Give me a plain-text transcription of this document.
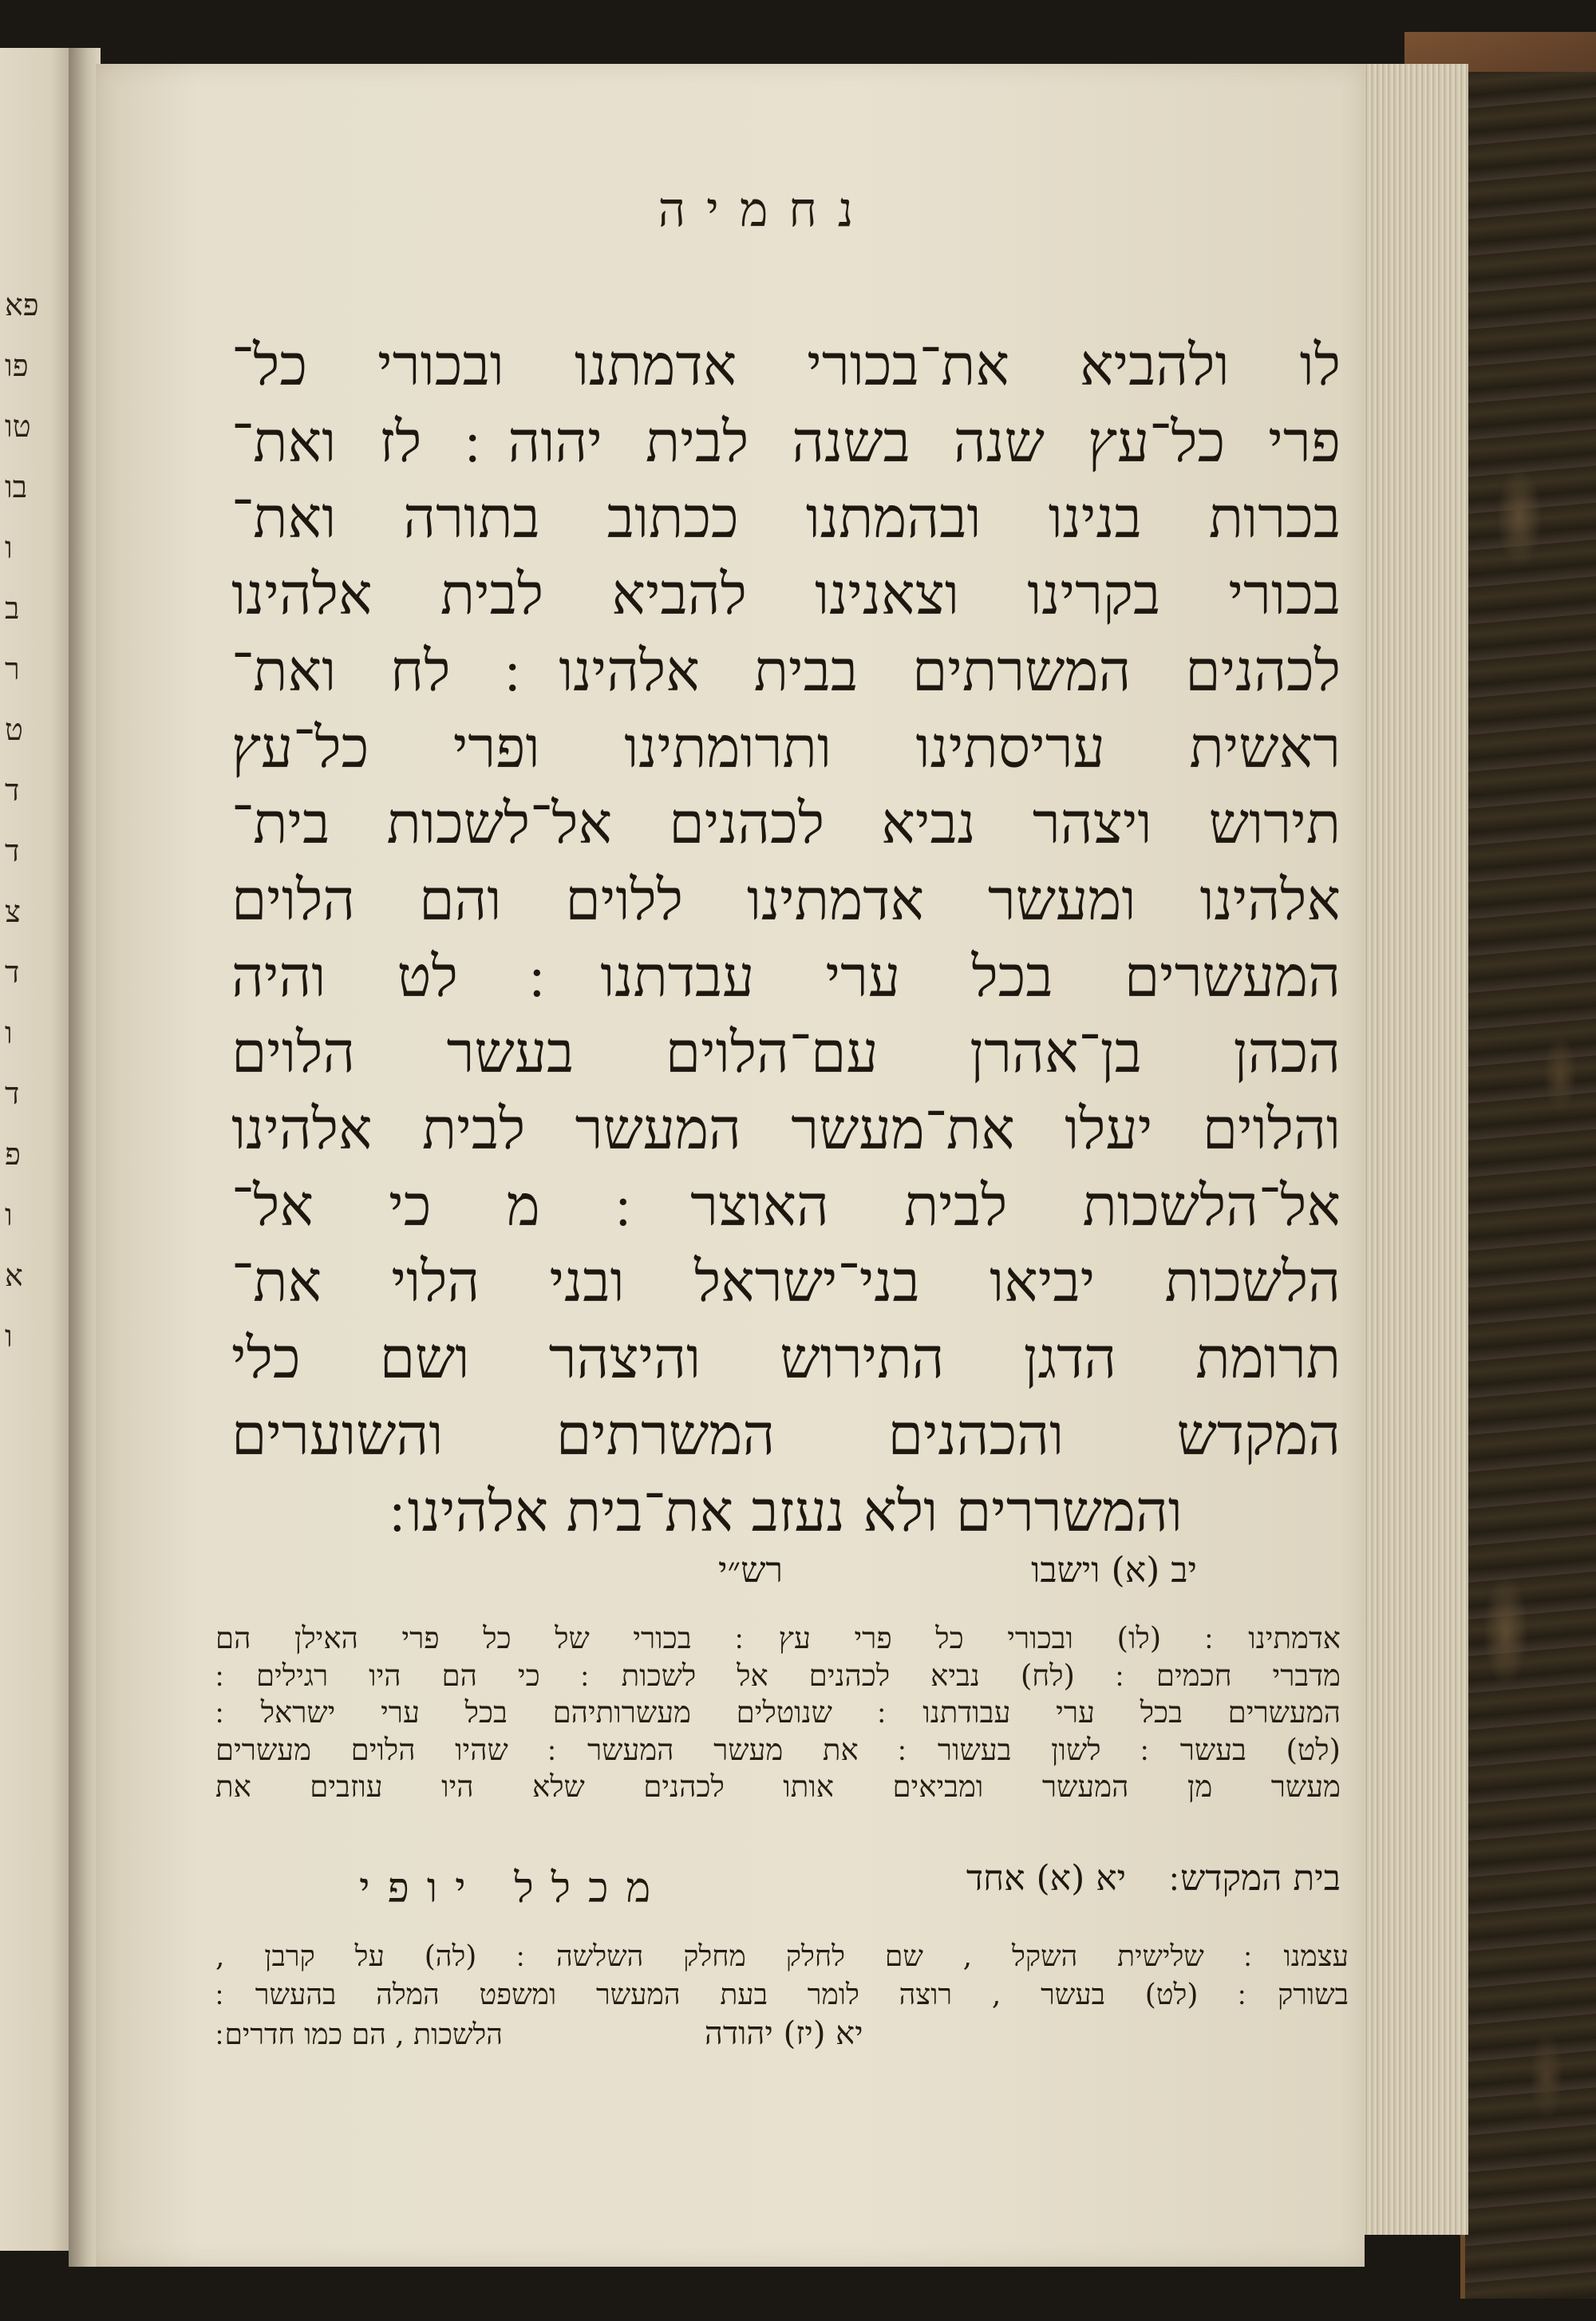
פא
פו
טו
בו
ו
ב
ר
ט
ד
ד
צ
ד
ו
ד
פ
ו
א
ו
נחמיה
לו ולהביא את־בכורי אדמתנו ובכורי כל־
פרי כל־עץ שנה בשנה לבית יהוה ׃ לז ואת־
בכרות בנינו ובהמתנו ככתוב בתורה ואת־
בכורי בקרינו וצאנינו להביא לבית אלהינו
לכהנים המשרתים בבית אלהינו ׃ לח ואת־
ראשית עריסתינו ותרומתינו ופרי כל־עץ
תירוש ויצהר נביא לכהנים אל־לשכות בית־
אלהינו ומעשר אדמתינו ללוים והם הלוים
המעשרים בכל ערי עבדתנו ׃ לט והיה
הכהן בן־אהרן עם־הלוים בעשר הלוים
והלוים יעלו את־מעשר המעשר לבית אלהינו
אל־הלשכות לבית האוצר ׃ מ כי אל־
הלשכות יביאו בני־ישראל ובני הלוי את־
תרומת הדגן התירוש והיצהר ושם כלי
המקדש והכהנים המשרתים והשוערים
והמשררים ולא נעזב את־בית אלהינו ׃
רש״י	יב (א) וישבו
אדמתינו ׃ (לו) ובכורי כל פרי עץ ׃ בכורי של כל פרי האילן הם
מדברי חכמים ׃ (לח) נביא לכהנים אל לשכות ׃ כי הם היו רגילים ׃
המעשרים בכל ערי עבודתנו ׃ שנוטלים מעשרותיהם בכל ערי ישראל ׃
(לט) בעשר ׃ לשון בעשור ׃ את מעשר המעשר ׃ שהיו הלוים מעשרים
מעשר מן המעשר ומביאים אותו לכהנים שלא היו עוזבים את
מכלל יופי	בית המקדש ׃ יא (א) אחד
עצמנו ׃ שלישית השקל , שם לחלק מחלק השלשה ׃ (לה) על קרבן ,
בשורק ׃ (לט) בעשר , רוצה לומר בעת המעשר ומשפט המלה בהעשר ׃
יא (יז) יהודה  הלשכות , הם כמו חדרים ׃
